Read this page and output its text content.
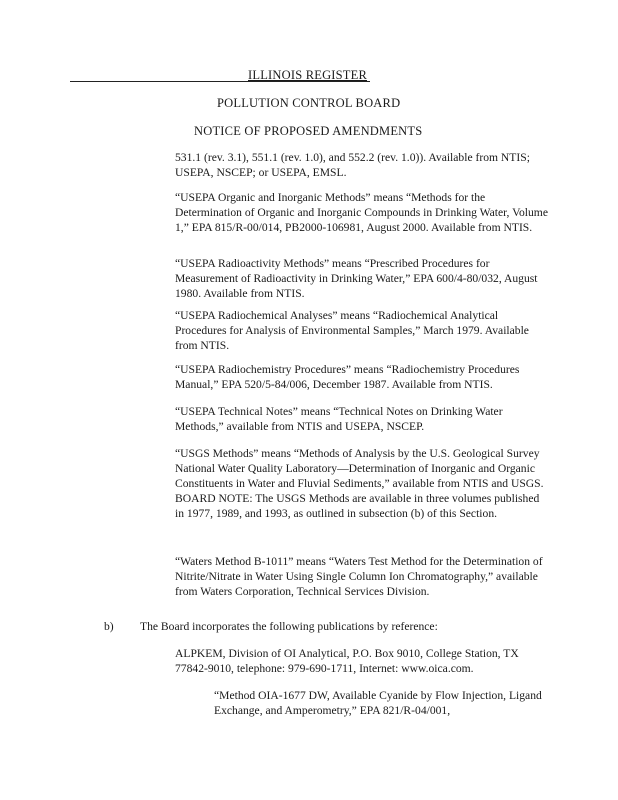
ILLINOIS REGISTER
POLLUTION CONTROL BOARD
NOTICE OF PROPOSED AMENDMENTS

531.1 (rev. 3.1), 551.1 (rev. 1.0), and 552.2 (rev. 1.0)). Available from NTIS; USEPA, NSCEP; or USEPA, EMSL.

“USEPA Organic and Inorganic Methods” means “Methods for the Determination of Organic and Inorganic Compounds in Drinking Water, Volume 1,” EPA 815/R-00/014, PB2000-106981, August 2000. Available from NTIS.

“USEPA Radioactivity Methods” means “Prescribed Procedures for Measurement of Radioactivity in Drinking Water,” EPA 600/4-80/032, August 1980. Available from NTIS.

“USEPA Radiochemical Analyses” means “Radiochemical Analytical Procedures for Analysis of Environmental Samples,” March 1979. Available from NTIS.

“USEPA Radiochemistry Procedures” means “Radiochemistry Procedures Manual,” EPA 520/5-84/006, December 1987. Available from NTIS.

“USEPA Technical Notes” means “Technical Notes on Drinking Water Methods,” available from NTIS and USEPA, NSCEP.

“USGS Methods” means “Methods of Analysis by the U.S. Geological Survey National Water Quality Laboratory—Determination of Inorganic and Organic Constituents in Water and Fluvial Sediments,” available from NTIS and USGS.

BOARD NOTE: The USGS Methods are available in three volumes published in 1977, 1989, and 1993, as outlined in subsection (b) of this Section.

“Waters Method B-1011” means “Waters Test Method for the Determination of Nitrite/Nitrate in Water Using Single Column Ion Chromatography,” available from Waters Corporation, Technical Services Division.

b) The Board incorporates the following publications by reference:

ALPKEM, Division of OI Analytical, P.O. Box 9010, College Station, TX 77842-9010, telephone: 979-690-1711, Internet: www.oica.com.

“Method OIA-1677 DW, Available Cyanide by Flow Injection, Ligand Exchange, and Amperometry,” EPA 821/R-04/001,
